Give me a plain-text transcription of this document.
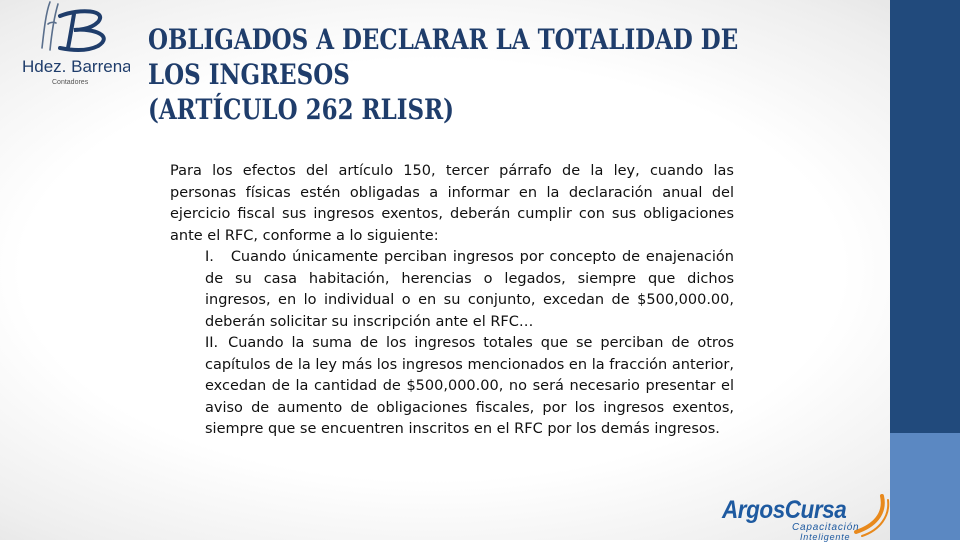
Hdez. Barrena
Contadores
OBLIGADOS A DECLARAR LA TOTALIDAD DE
LOS INGRESOS
(ARTÍCULO 262 RLISR)

Para los efectos del artículo 150, tercer párrafo de la ley, cuando las personas físicas estén obligadas a informar en la declaración anual del ejercicio fiscal sus ingresos exentos, deberán cumplir con sus obligaciones ante el RFC, conforme a lo siguiente:

I. Cuando únicamente perciban ingresos por concepto de enajenación de su casa habitación, herencias o legados, siempre que dichos ingresos, en lo individual o en su conjunto, excedan de $500,000.00, deberán solicitar su inscripción ante el RFC…

II. Cuando la suma de los ingresos totales que se perciban de otros capítulos de la ley más los ingresos mencionados en la fracción anterior, excedan de la cantidad de $500,000.00, no será necesario presentar el aviso de aumento de obligaciones fiscales, por los ingresos exentos, siempre que se encuentren inscritos en el RFC por los demás ingresos.

ArgosCursa
Capacitación
Inteligente
